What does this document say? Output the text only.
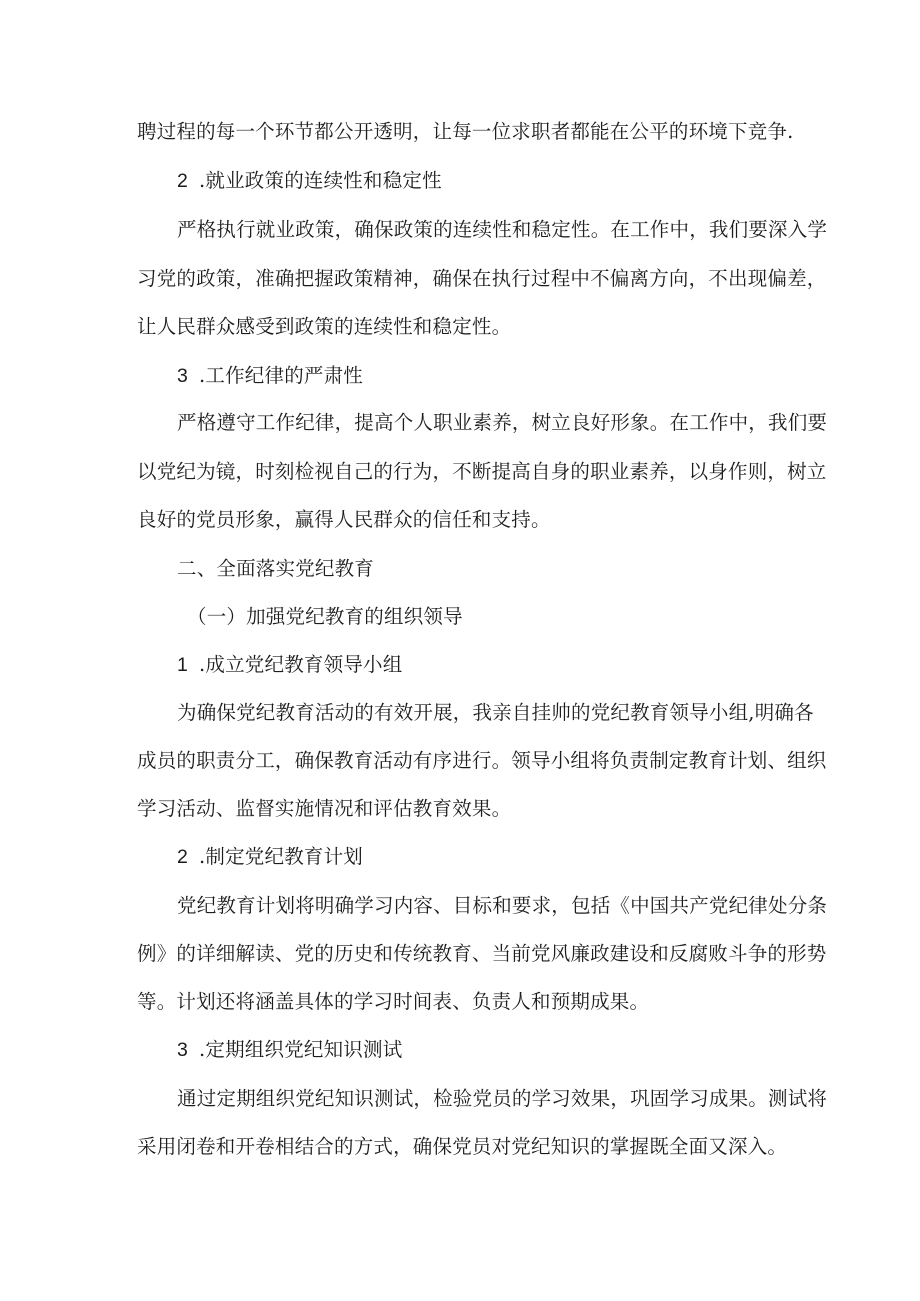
聘过程的每一个环节都公开透明，让每一位求职者都能在公平的环境下竞争.
2 .就业政策的连续性和稳定性
严格执行就业政策，确保政策的连续性和稳定性。在工作中，我们要深入学
习党的政策，准确把握政策精神，确保在执行过程中不偏离方向，不出现偏差，
让人民群众感受到政策的连续性和稳定性。
3 .工作纪律的严肃性
严格遵守工作纪律，提高个人职业素养，树立良好形象。在工作中，我们要
以党纪为镜，时刻检视自己的行为，不断提高自身的职业素养，以身作则，树立
良好的党员形象，赢得人民群众的信任和支持。
二、全面落实党纪教育
（一）加强党纪教育的组织领导
1 .成立党纪教育领导小组
为确保党纪教育活动的有效开展，我亲自挂帅的党纪教育领导小组,明确各
成员的职责分工，确保教育活动有序进行。领导小组将负责制定教育计划、组织
学习活动、监督实施情况和评估教育效果。
2 .制定党纪教育计划
党纪教育计划将明确学习内容、目标和要求，包括《中国共产党纪律处分条
例》的详细解读、党的历史和传统教育、当前党风廉政建设和反腐败斗争的形势
等。计划还将涵盖具体的学习时间表、负责人和预期成果。
3 .定期组织党纪知识测试
通过定期组织党纪知识测试，检验党员的学习效果，巩固学习成果。测试将
采用闭卷和开卷相结合的方式，确保党员对党纪知识的掌握既全面又深入。
